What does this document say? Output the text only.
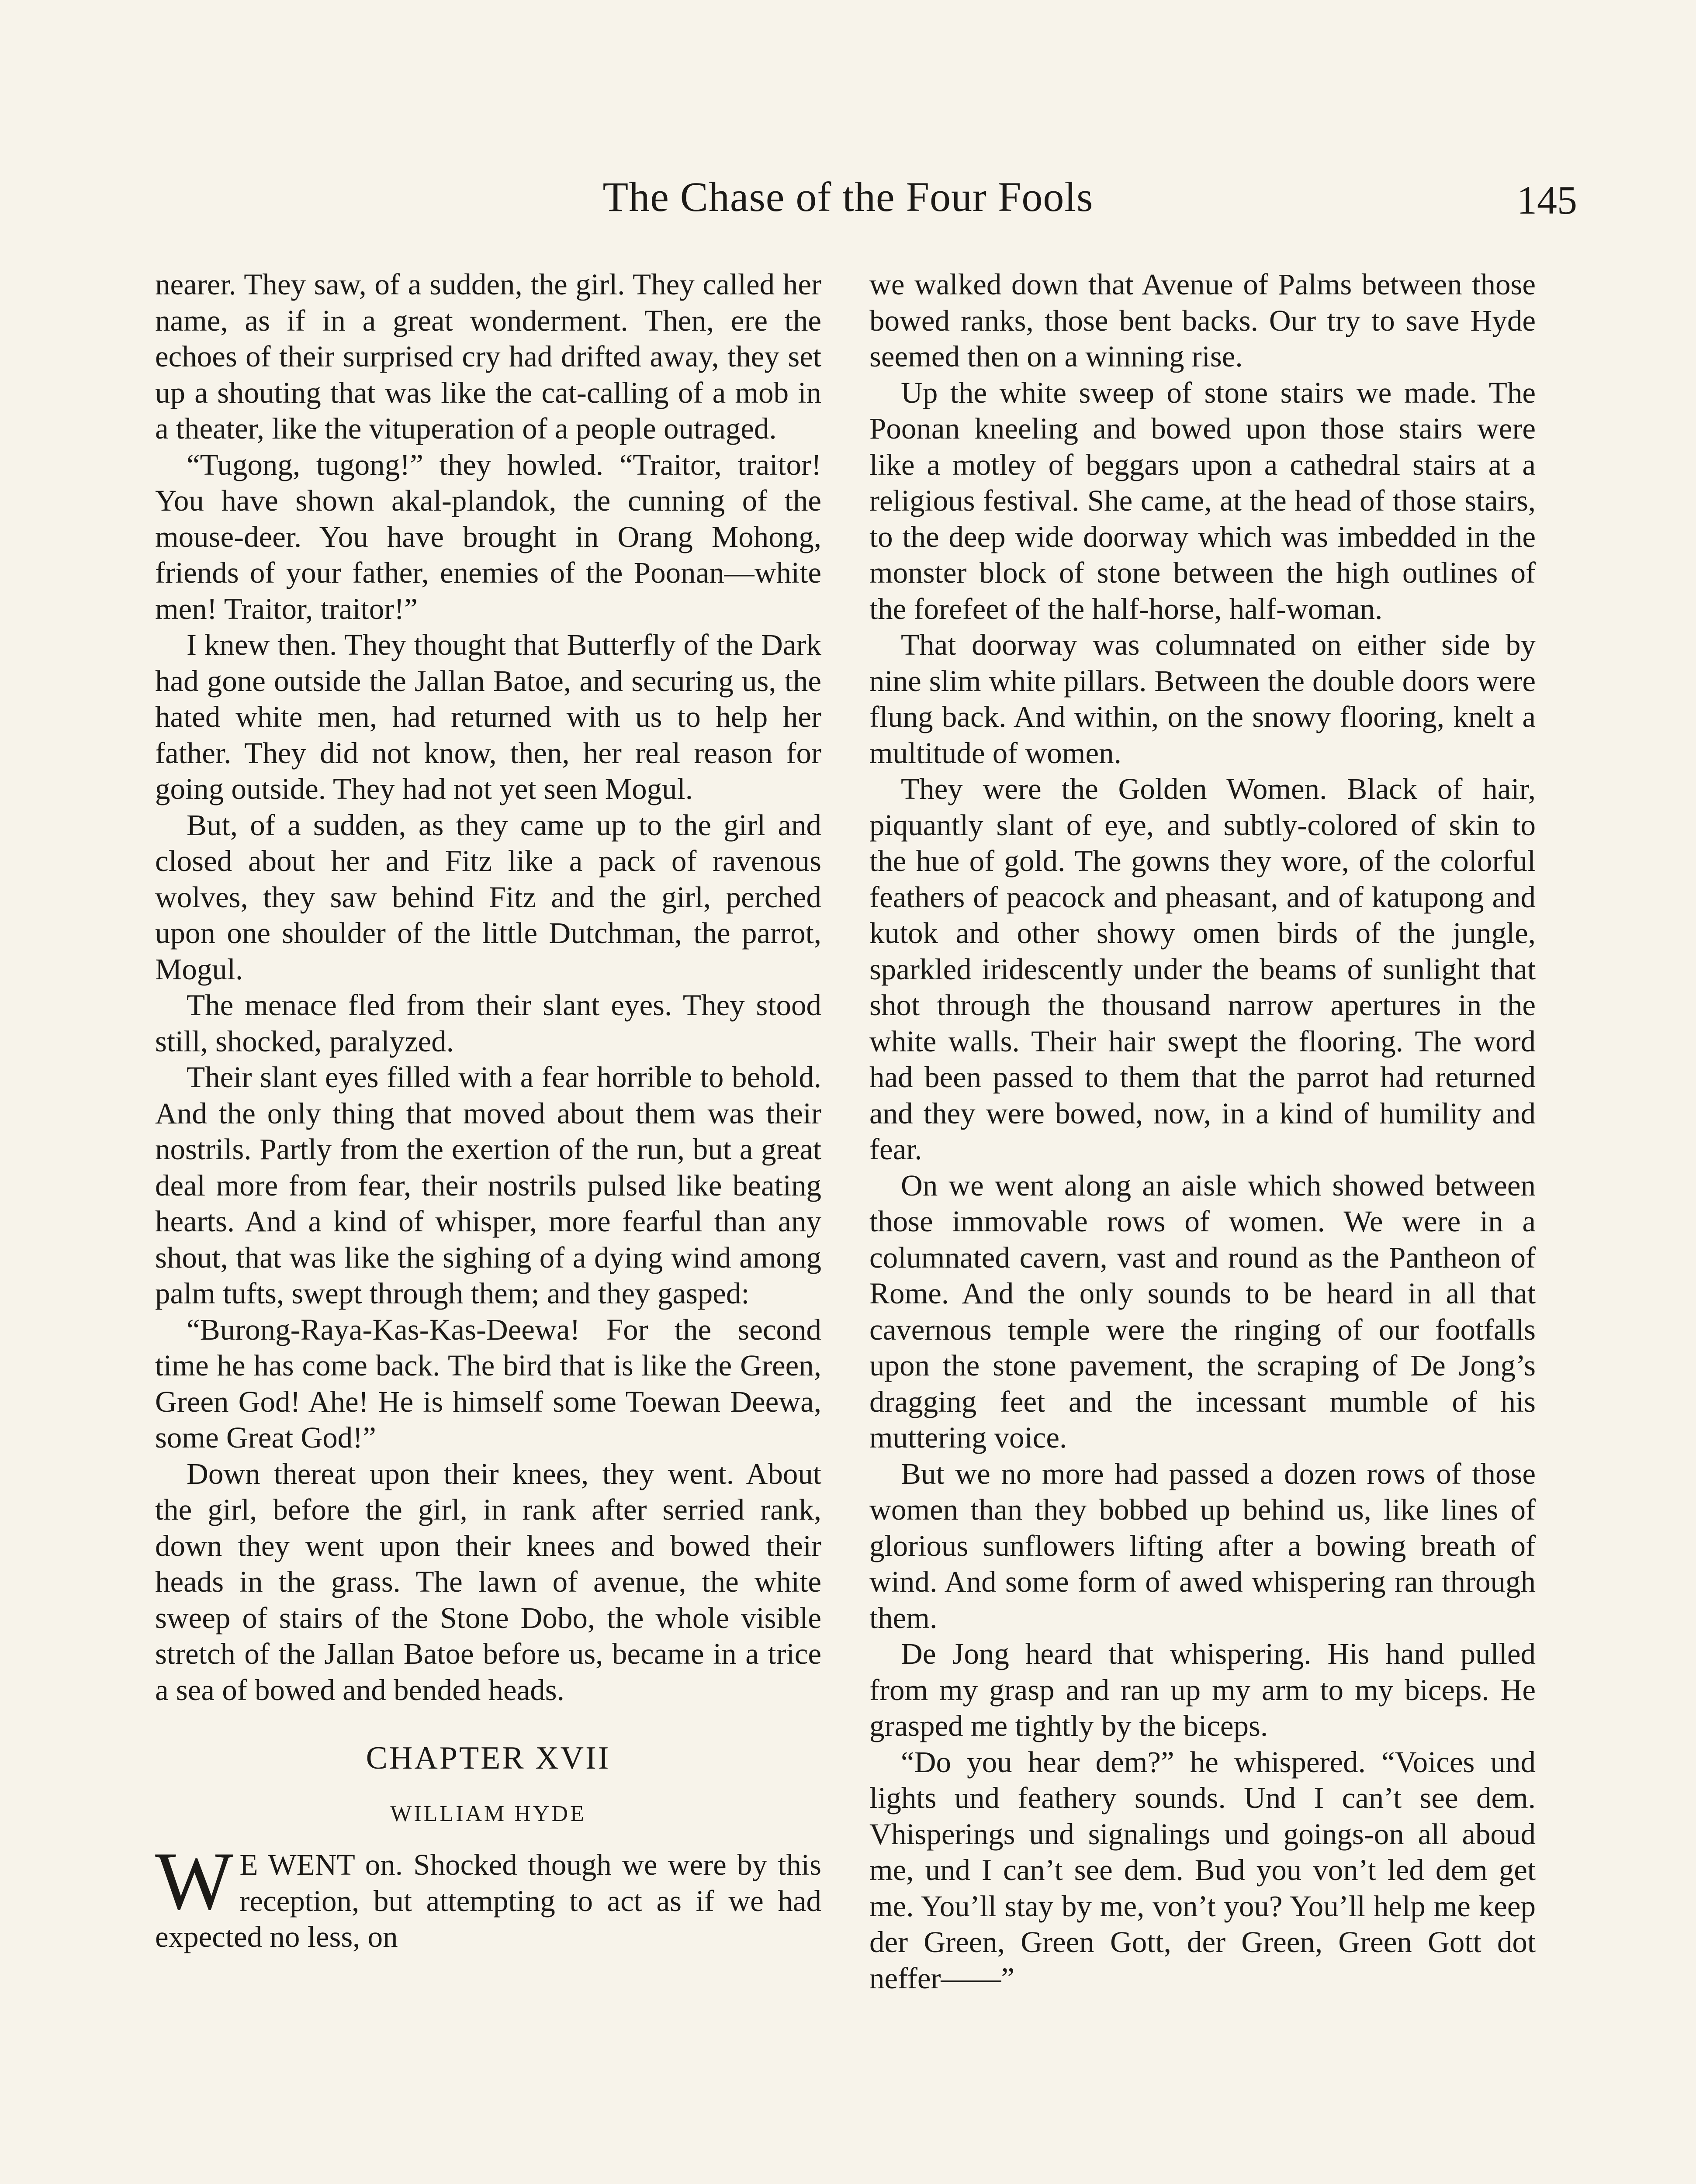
The Chase of the Four Fools	145

nearer. They saw, of a sudden, the girl. They called her name, as if in a great wonderment. Then, ere the echoes of their surprised cry had drifted away, they set up a shouting that was like the cat-calling of a mob in a theater, like the vituperation of a people outraged.

“Tugong, tugong!” they howled. “Traitor, traitor! You have shown akal-plandok, the cunning of the mouse-deer. You have brought in Orang Mohong, friends of your father, enemies of the Poonan—white men! Traitor, traitor!”

I knew then. They thought that Butterfly of the Dark had gone outside the Jallan Batoe, and securing us, the hated white men, had returned with us to help her father. They did not know, then, her real reason for going outside. They had not yet seen Mogul.

But, of a sudden, as they came up to the girl and closed about her and Fitz like a pack of ravenous wolves, they saw behind Fitz and the girl, perched upon one shoulder of the little Dutchman, the parrot, Mogul.

The menace fled from their slant eyes. They stood still, shocked, paralyzed.

Their slant eyes filled with a fear horrible to behold. And the only thing that moved about them was their nostrils. Partly from the exertion of the run, but a great deal more from fear, their nostrils pulsed like beating hearts. And a kind of whisper, more fearful than any shout, that was like the sighing of a dying wind among palm tufts, swept through them; and they gasped:

“Burong-Raya-Kas-Kas-Deewa! For the second time he has come back. The bird that is like the Green, Green God! Ahe! He is himself some Toewan Deewa, some Great God!”

Down thereat upon their knees, they went. About the girl, before the girl, in rank after serried rank, down they went upon their knees and bowed their heads in the grass. The lawn of avenue, the white sweep of stairs of the Stone Dobo, the whole visible stretch of the Jallan Batoe before us, became in a trice a sea of bowed and bended heads.

CHAPTER XVII
WILLIAM HYDE

W E WENT on. Shocked though we were by this reception, but attempting to act as if we had expected no less, on

we walked down that Avenue of Palms between those bowed ranks, those bent backs. Our try to save Hyde seemed then on a winning rise.

Up the white sweep of stone stairs we made. The Poonan kneeling and bowed upon those stairs were like a motley of beggars upon a cathedral stairs at a religious festival. She came, at the head of those stairs, to the deep wide doorway which was imbedded in the monster block of stone between the high outlines of the forefeet of the half-horse, half-woman.

That doorway was columnated on either side by nine slim white pillars. Between the double doors were flung back. And within, on the snowy flooring, knelt a multitude of women.

They were the Golden Women. Black of hair, piquantly slant of eye, and subtly-colored of skin to the hue of gold. The gowns they wore, of the colorful feathers of peacock and pheasant, and of katupong and kutok and other showy omen birds of the jungle, sparkled iridescently under the beams of sunlight that shot through the thousand narrow apertures in the white walls. Their hair swept the flooring. The word had been passed to them that the parrot had returned and they were bowed, now, in a kind of humility and fear.

On we went along an aisle which showed between those immovable rows of women. We were in a columnated cavern, vast and round as the Pantheon of Rome. And the only sounds to be heard in all that cavernous temple were the ringing of our footfalls upon the stone pavement, the scraping of De Jong’s dragging feet and the incessant mumble of his muttering voice.

But we no more had passed a dozen rows of those women than they bobbed up behind us, like lines of glorious sunflowers lifting after a bowing breath of wind. And some form of awed whispering ran through them.

De Jong heard that whispering. His hand pulled from my grasp and ran up my arm to my biceps. He grasped me tightly by the biceps.

“Do you hear dem?” he whispered. “Voices und lights und feathery sounds. Und I can’t see dem. Vhisperings und signalings und goings-on all aboud me, und I can’t see dem. Bud you von’t led dem get me. You’ll stay by me, von’t you? You’ll help me keep der Green, Green Gott, der Green, Green Gott dot neffer——”
